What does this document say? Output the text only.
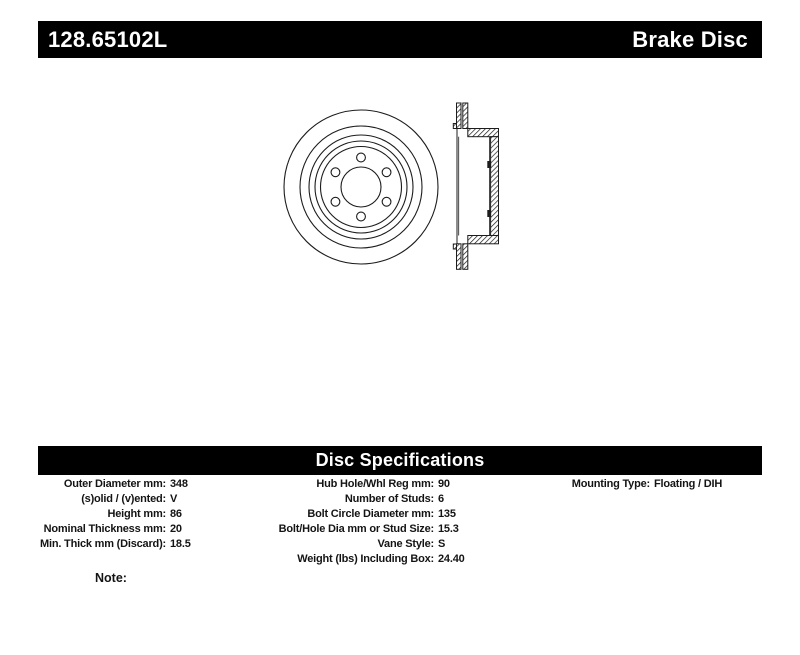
128.65102L	Brake Disc
Disc Specifications
Outer Diameter mm: 348
(s)olid / (v)ented: V
Height mm: 86
Nominal Thickness mm: 20
Min. Thick mm (Discard): 18.5
Hub Hole/Whl Reg mm: 90
Number of Studs: 6
Bolt Circle Diameter mm: 135
Bolt/Hole Dia mm or Stud Size: 15.3
Vane Style: S
Weight (lbs) Including Box: 24.40
Mounting Type: Floating / DIH
Note:
